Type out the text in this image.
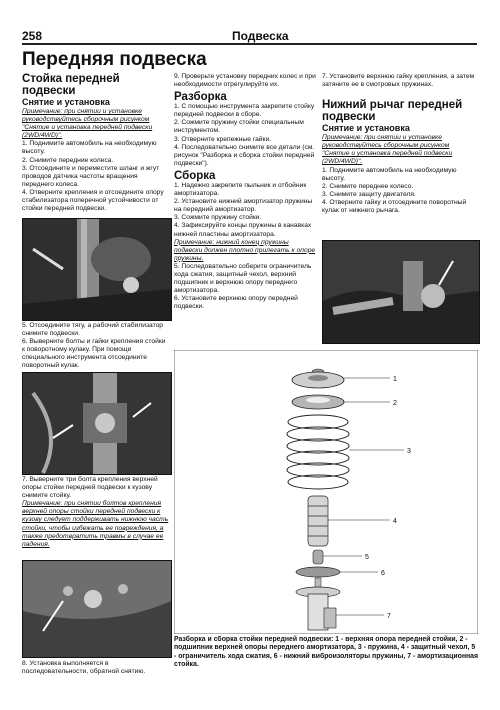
258	Подвеска
Передняя подвеска

Стойка передней подвески

Снятие и установка

Примечание: при снятии и установке руководствуйтесь сборочным рисунком "Снятие и установка передней подвески (2WD/4WD)".

1. Поднимите автомобиль на необходимую высоту.

2. Снимите передние колеса.

3. Отсоедините и переместите шланг и жгут проводов датчика частоты вращения переднего колеса.

4. Отверните крепления и отсоедините опору стабилизатора поперечной устойчивости от стойки передней подвески.

5. Отсоедините тягу, а рабочий стабилизатор снимите подвески.

6. Выверните болты и гайки крепления стойки к поворотному кулаку. При помощи специального инструмента отсоедините поворотный кулак.

7. Выверните три болта крепления верхней опоры стойки передней подвески к кузову снимите стойку.

Примечание: при снятии болтов крепления верхней опоры стойки передней подвески к кузову следует поддерживать нижнюю часть стойки, чтобы избежать ее повреждения, а также предотвратить травмы в случае ее падения.

8. Установка выполняется в последовательности, обратной снятию.

9. Проверьте установку передних колес и при необходимости отрегулируйте их.

Разборка

1. С помощью инструмента закрепите стойку передней подвески в сборе.

2. Сожмите пружину стойки специальным инструментом.

3. Отверните крепежные гайки.

4. Последовательно снимите все детали (см. рисунок "Разборка и сборка стойки передней подвески").

Сборка

1. Надежно закрепите пыльник и отбойник амортизатора.

2. Установите нижний амортизатор пружины на передний амортизатор.

3. Сожмите пружину стойки.

4. Зафиксируйте концы пружины в канавках нижней пластины амортизатора.

Примечание: нижний конец пружины подвески должен плотно прилегать к опоре пружины.

5. Последовательно соберите ограничитель хода сжатия, защитный чехол, верхний подшипник и верхнюю опору переднего амортизатора.

6. Установите верхнюю опору передней подвески.

7. Установите верхнюю гайку крепления, а затем затяните ее в смотровых пружинах.

Нижний рычаг передней подвески

Снятие и установка

Примечание: при снятии и установке руководствуйтесь сборочным рисунком "Снятие и установка передней подвески (2WD/4WD)".

1. Поднимите автомобиль на необходимую высоту.

2. Снимите переднее колесо.

3. Снимите защиту двигателя.

4. Отверните гайку и отсоедините поворотный кулак от нижнего рычага.

1
2
3
4
5
6
7
Разборка и сборка стойки передней подвески: 1 - верхняя опора передней стойки, 2 - подшипник верхней опоры переднего амортизатора, 3 - пружина, 4 - защитный чехол, 5 - ограничитель хода сжатия, 6 - нижний виброизоляторы пружины, 7 - амортизационная стойка.
